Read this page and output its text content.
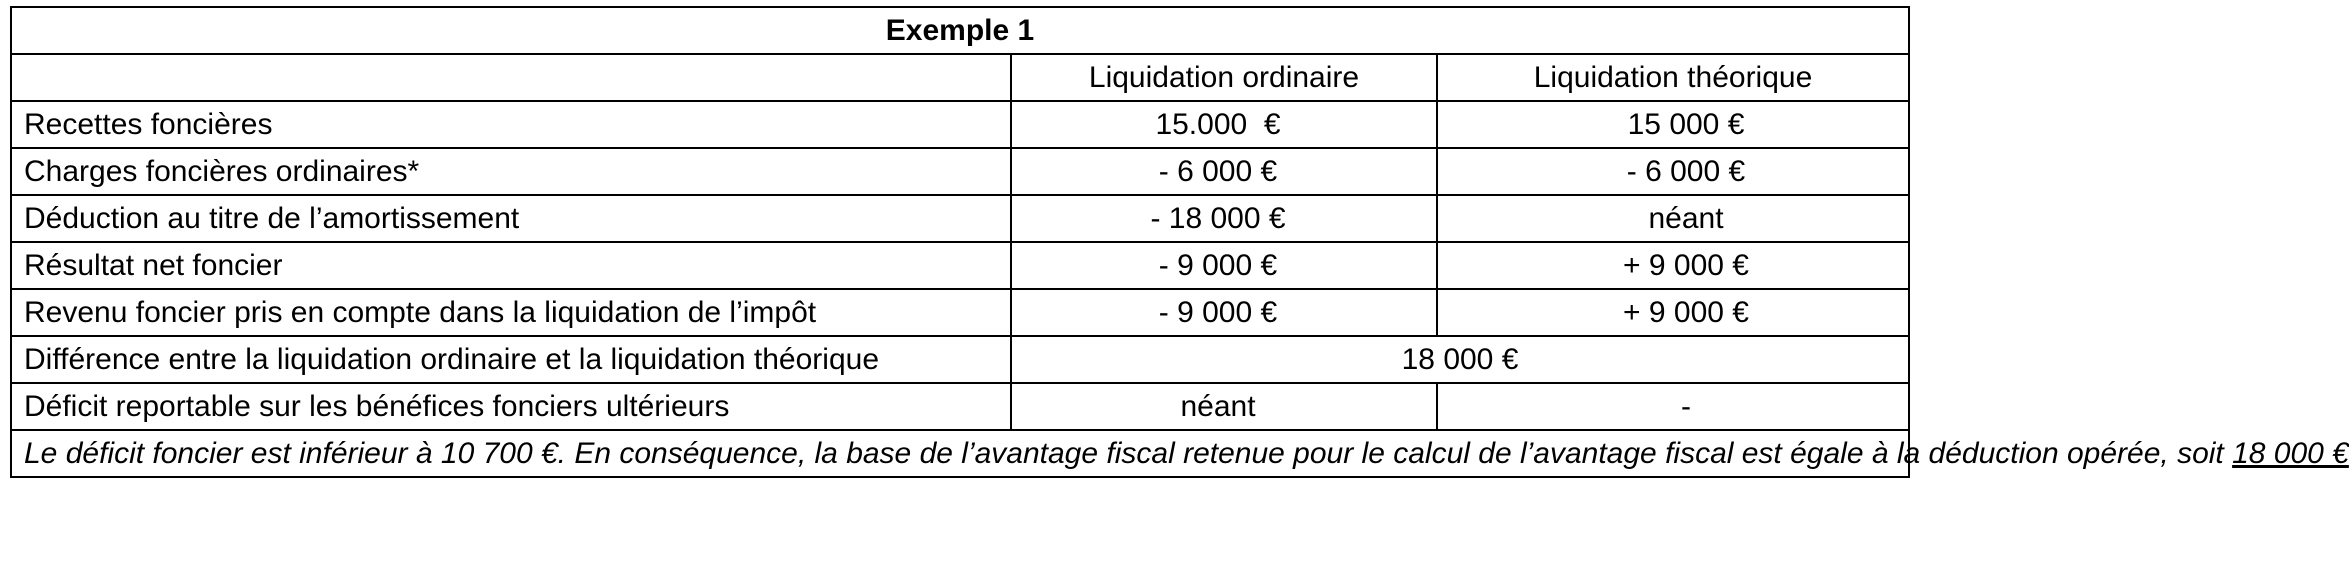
Exemple 1		
	Liquidation ordinaire	Liquidation théorique
Recettes foncières	15.000  €	15 000 €
Charges foncières ordinaires*	- 6 000 €	- 6 000 €
Déduction au titre de l’amortissement	- 18 000 €	néant
Résultat net foncier	- 9 000 €	+ 9 000 €
Revenu foncier pris en compte dans la liquidation de l’impôt	- 9 000 €	+ 9 000 €
Différence entre la liquidation ordinaire et la liquidation théorique	18 000 €	
Déficit reportable sur les bénéfices fonciers ultérieurs	néant	-
Le déficit foncier est inférieur à 10 700 €. En conséquence, la base de l’avantage fiscal retenue pour le calcul de l’avantage fiscal est égale à la déduction opérée, soit 18 000 €		
